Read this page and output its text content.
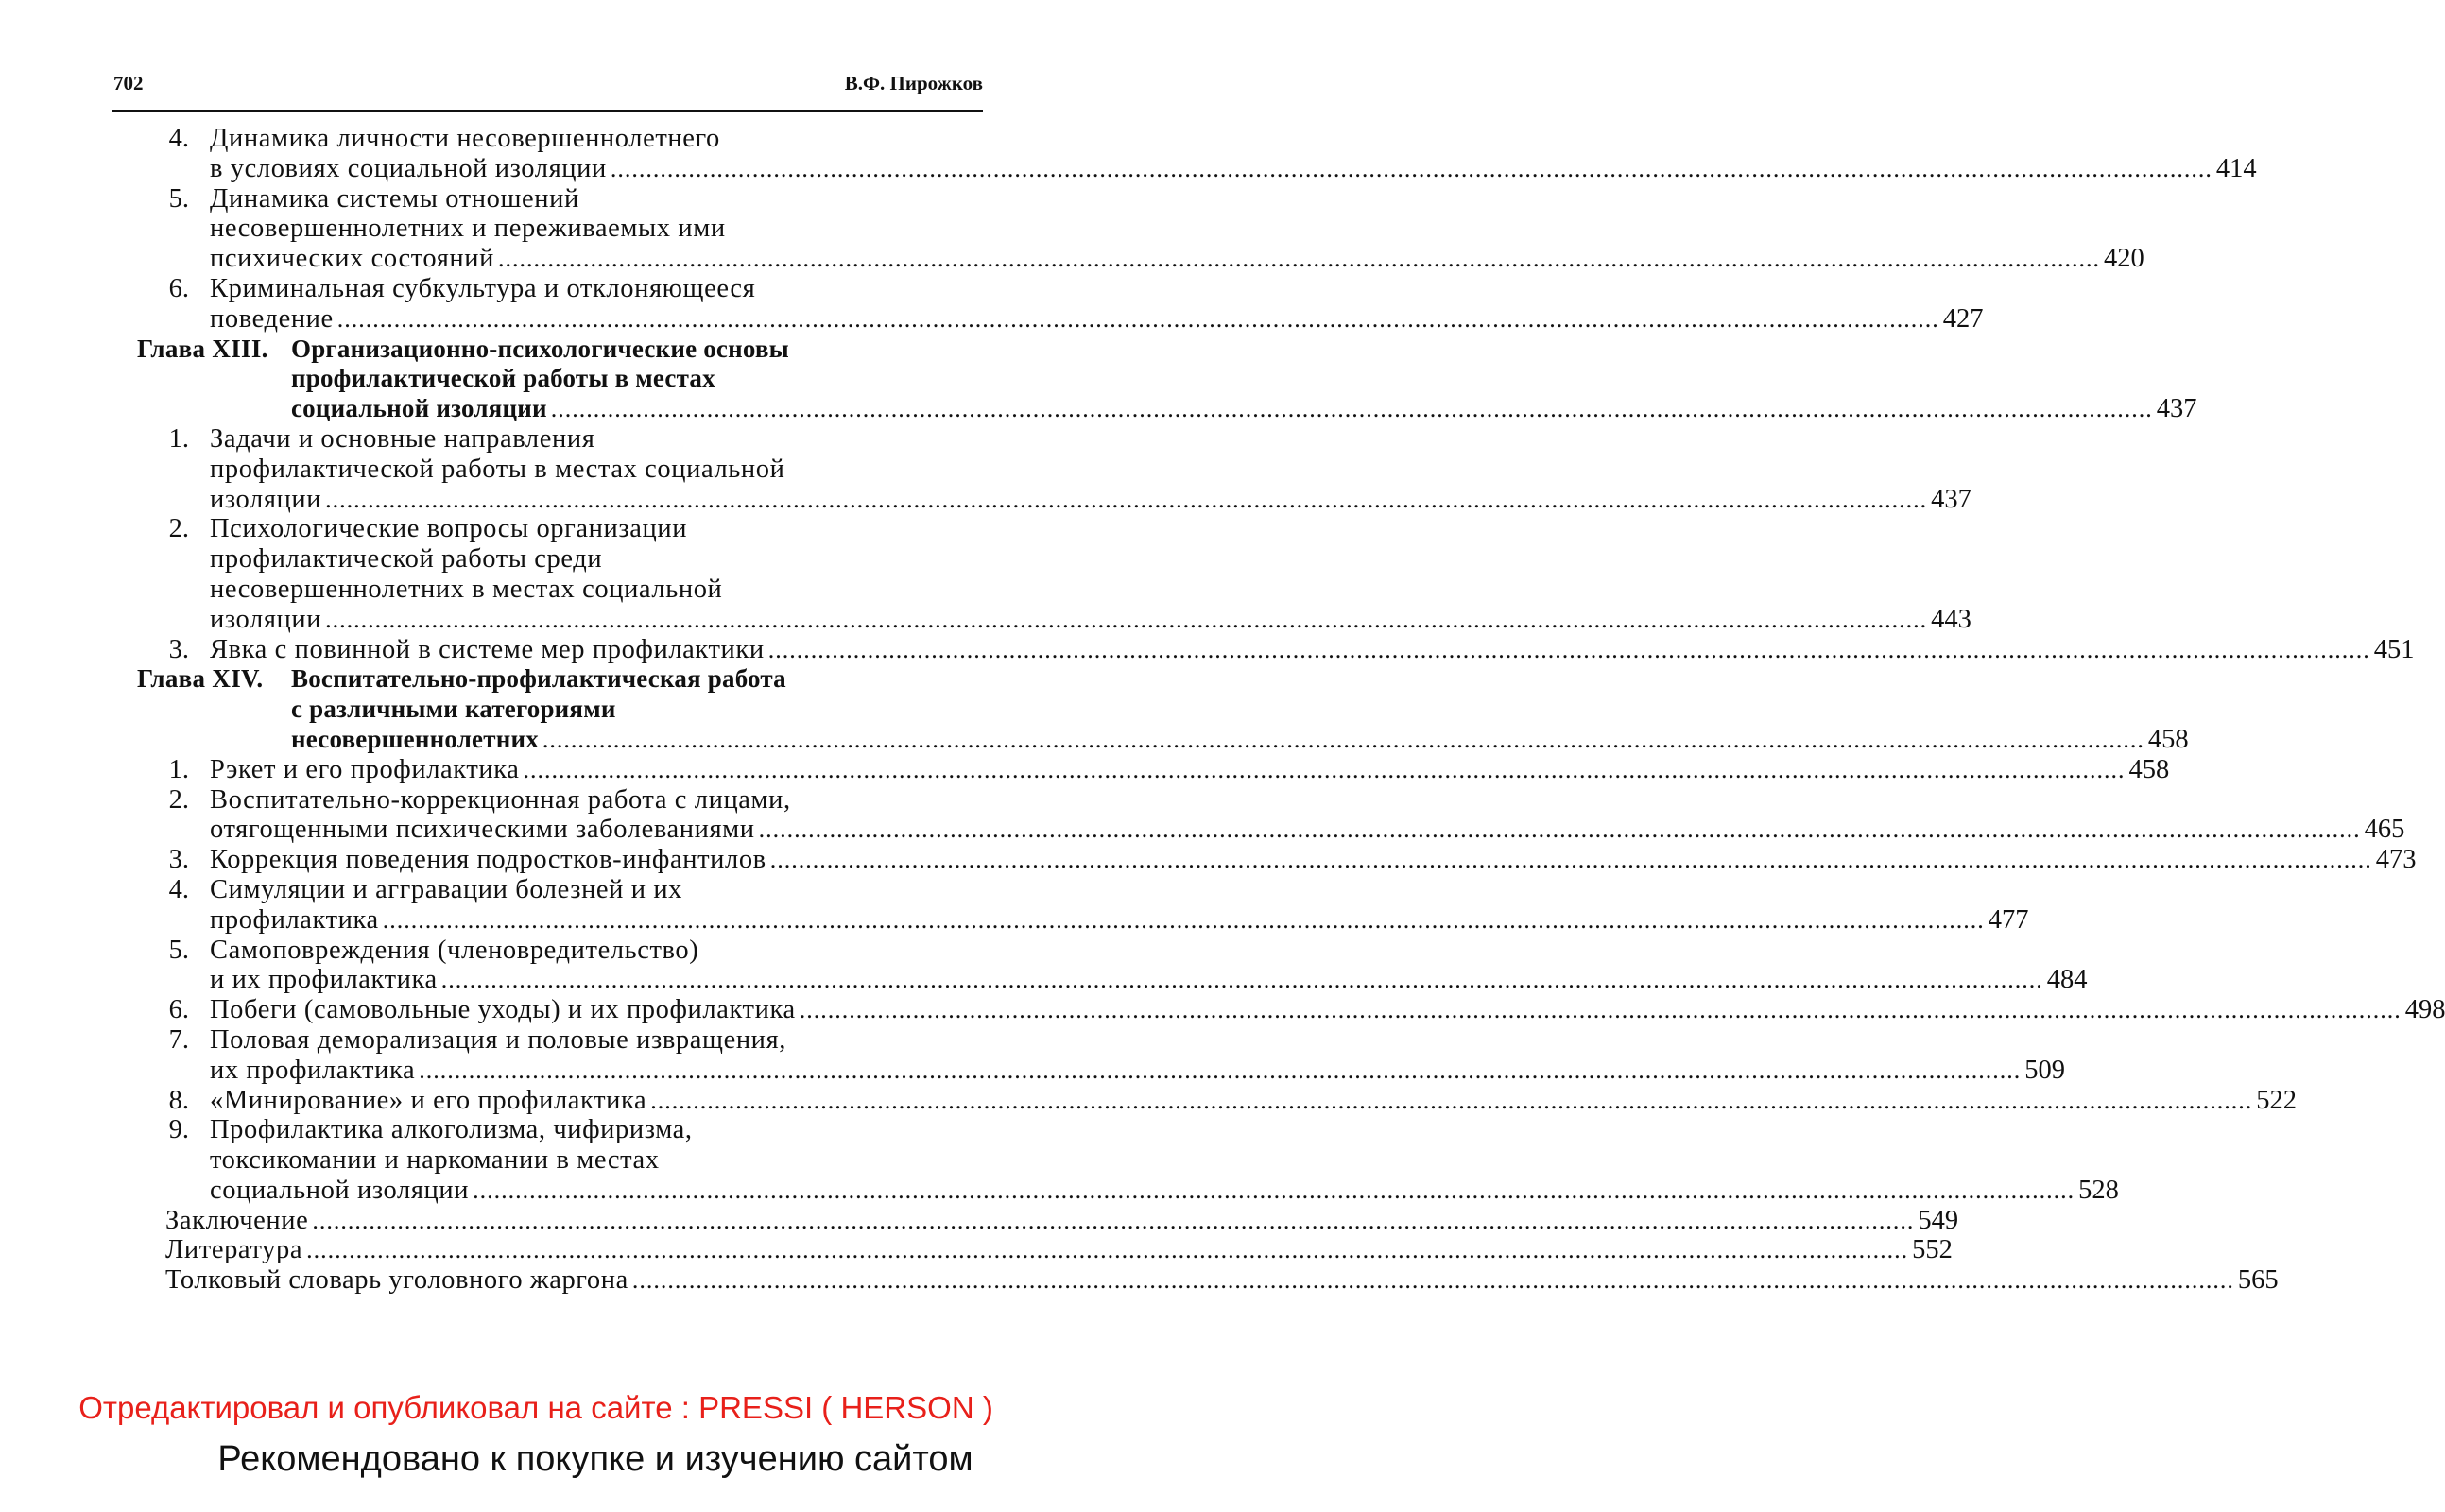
702	В.Ф. Пирожков
4. Динамика личности несовершеннолетнего
в условиях социальной изоляции .....	414
5. Динамика системы отношений
несовершеннолетних и переживаемых ими
психических состояний .....	420
6. Криминальная субкультура и отклоняющееся
поведение .....	427
Глава XIII. Организационно-психологические основы
профилактической работы в местах
социальной изоляции .....	437
1. Задачи и основные направления
профилактической работы в местах социальной
изоляции .....	437
2. Психологические вопросы организации
профилактической работы среди
несовершеннолетних в местах социальной
изоляции .....	443
3. Явка с повинной в системе мер профилактики .....	451
Глава XIV. Воспитательно-профилактическая работа
с различными категориями
несовершеннолетних .....	458
1. Рэкет и его профилактика .....	458
2. Воспитательно-коррекционная работа с лицами,
отягощенными психическими заболеваниями .....	465
3. Коррекция поведения подростков-инфантилов .....	473
4. Симуляции и аггравации болезней и их
профилактика .....	477
5. Самоповреждения (членовредительство)
и их профилактика .....	484
6. Побеги (самовольные уходы) и их профилактика .....	498
7. Половая деморализация и половые извращения,
их профилактика .....	509
8. «Минирование» и его профилактика .....	522
9. Профилактика алкоголизма, чифиризма,
токсикомании и наркомании в местах
социальной изоляции .....	528
Заключение .....	549
Литература .....	552
Толковый словарь уголовного жаргона .....	565
Отредактировал и опубликовал на сайте : PRESSI ( HERSON )
Рекомендовано к покупке и изучению сайтом
